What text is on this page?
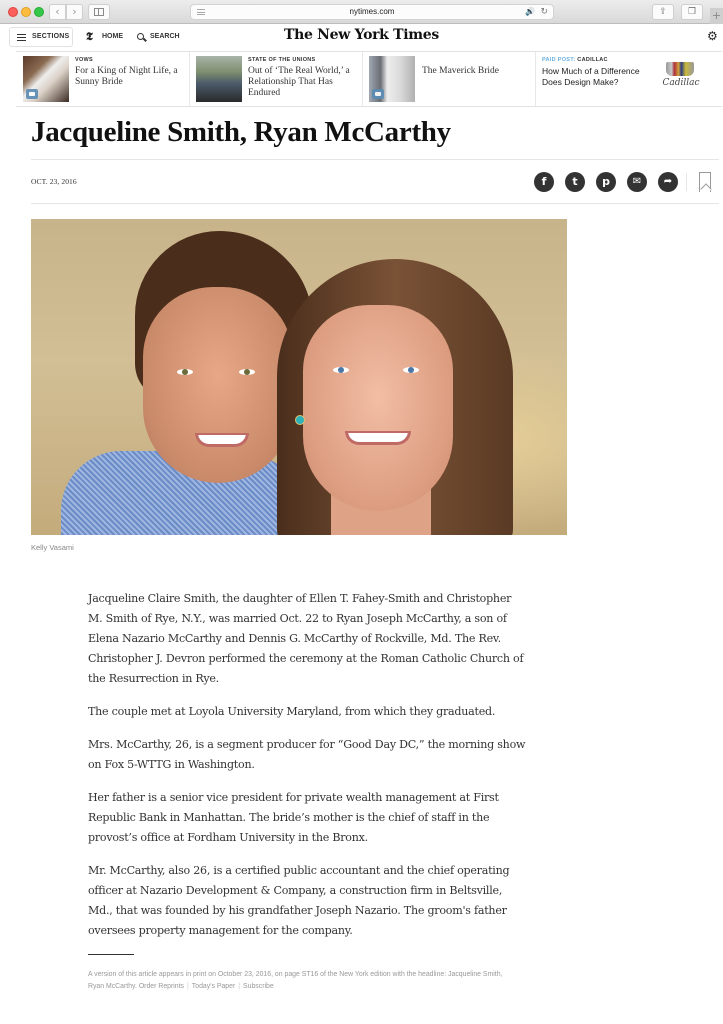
‹	›	nytimes.com	🔊 ↻	⇪	❐	+
SECTIONS	𝕿 HOME	SEARCH	The New York Times	⚙
VOWS
For a King of Night Life, a Sunny Bride
STATE OF THE UNIONS
Out of ‘The Real World,’ a Relationship That Has Endured
The Maverick Bride
PAID POST: CADILLAC
How Much of a Difference Does Design Make?	Cadillac
Jacqueline Smith, Ryan McCarthy
OCT. 23, 2016	f	t	p	✉	➦
Kelly Vasami

Jacqueline Claire Smith, the daughter of Ellen T. Fahey-Smith and Christopher M. Smith of Rye, N.Y., was married Oct. 22 to Ryan Joseph McCarthy, a son of Elena Nazario McCarthy and Dennis G. McCarthy of Rockville, Md. The Rev. Christopher J. Devron performed the ceremony at the Roman Catholic Church of the Resurrection in Rye.

The couple met at Loyola University Maryland, from which they graduated.

Mrs. McCarthy, 26, is a segment producer for “Good Day DC,” the morning show on Fox 5-WTTG in Washington.

Her father is a senior vice president for private wealth management at First Republic Bank in Manhattan. The bride’s mother is the chief of staff in the provost’s office at Fordham University in the Bronx.

Mr. McCarthy, also 26, is a certified public accountant and the chief operating officer at Nazario Development & Company, a construction firm in Beltsville, Md., that was founded by his grandfather Joseph Nazario. The groom's father oversees property management for the company.

A version of this article appears in print on October 23, 2016, on page ST16 of the New York edition with the headline: Jacqueline Smith, Ryan McCarthy. Order Reprints | Today's Paper | Subscribe
